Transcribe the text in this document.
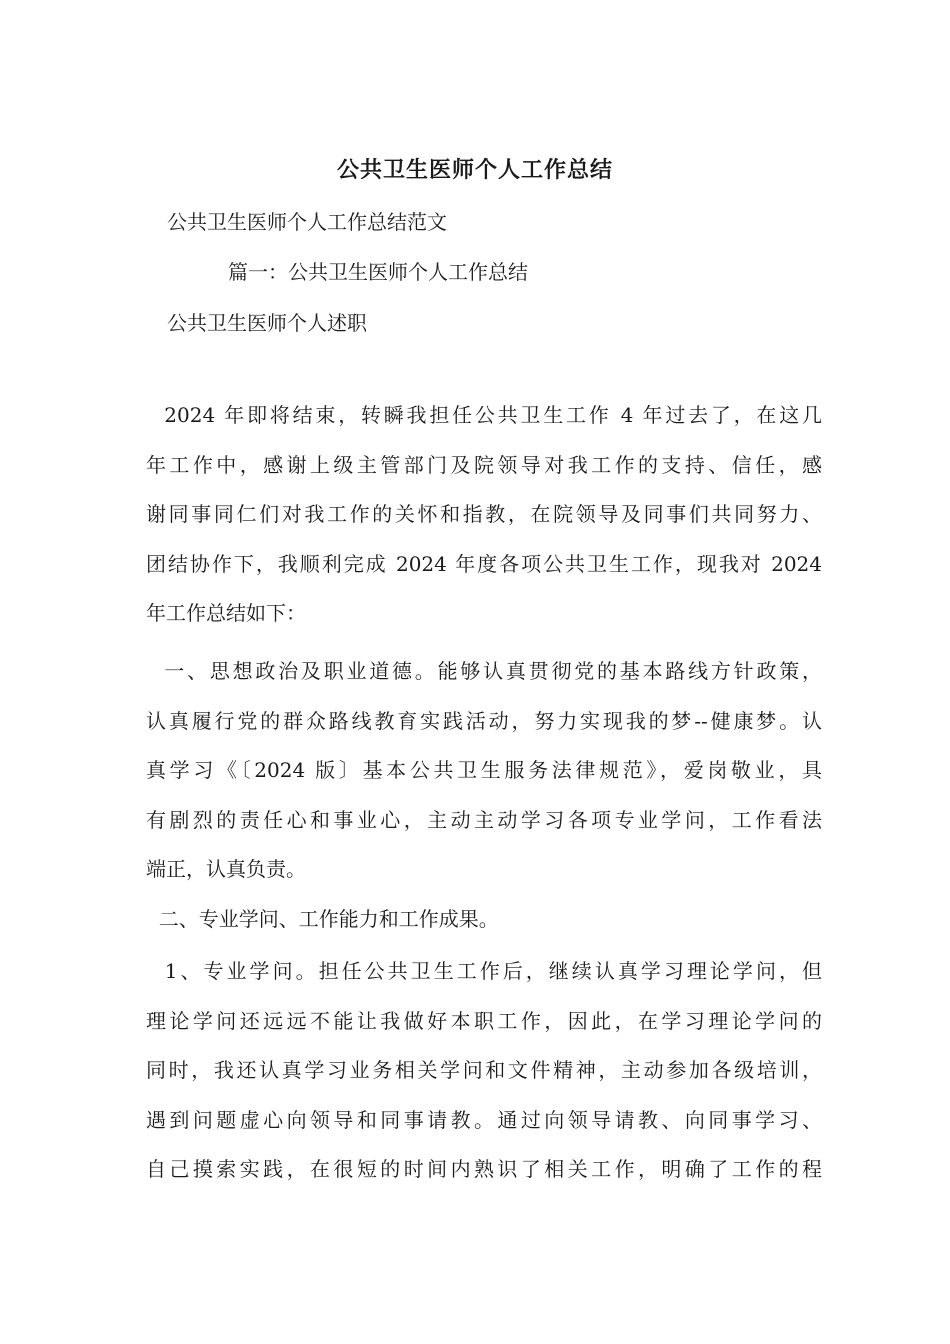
公共卫生医师个人工作总结
公共卫生医师个人工作总结范文
篇一：公共卫生医师个人工作总结
公共卫生医师个人述职
2024 年即将结束，转瞬我担任公共卫生工作 4 年过去了，在这几
年工作中，感谢上级主管部门及院领导对我工作的支持、信任，感
谢同事同仁们对我工作的关怀和指教，在院领导及同事们共同努力、
团结协作下，我顺利完成 2024 年度各项公共卫生工作，现我对 2024
年工作总结如下：
一、思想政治及职业道德。能够认真贯彻党的基本路线方针政策，
认真履行党的群众路线教育实践活动，努力实现我的梦--健康梦。认
真学习《〔2024 版〕基本公共卫生服务法律规范》，爱岗敬业，具
有剧烈的责任心和事业心，主动主动学习各项专业学问，工作看法
端正，认真负责。
二、专业学问、工作能力和工作成果。
1、专业学问。担任公共卫生工作后，继续认真学习理论学问，但
理论学问还远远不能让我做好本职工作，因此，在学习理论学问的
同时，我还认真学习业务相关学问和文件精神，主动参加各级培训，
遇到问题虚心向领导和同事请教。通过向领导请教、向同事学习、
自己摸索实践，在很短的时间内熟识了相关工作，明确了工作的程
